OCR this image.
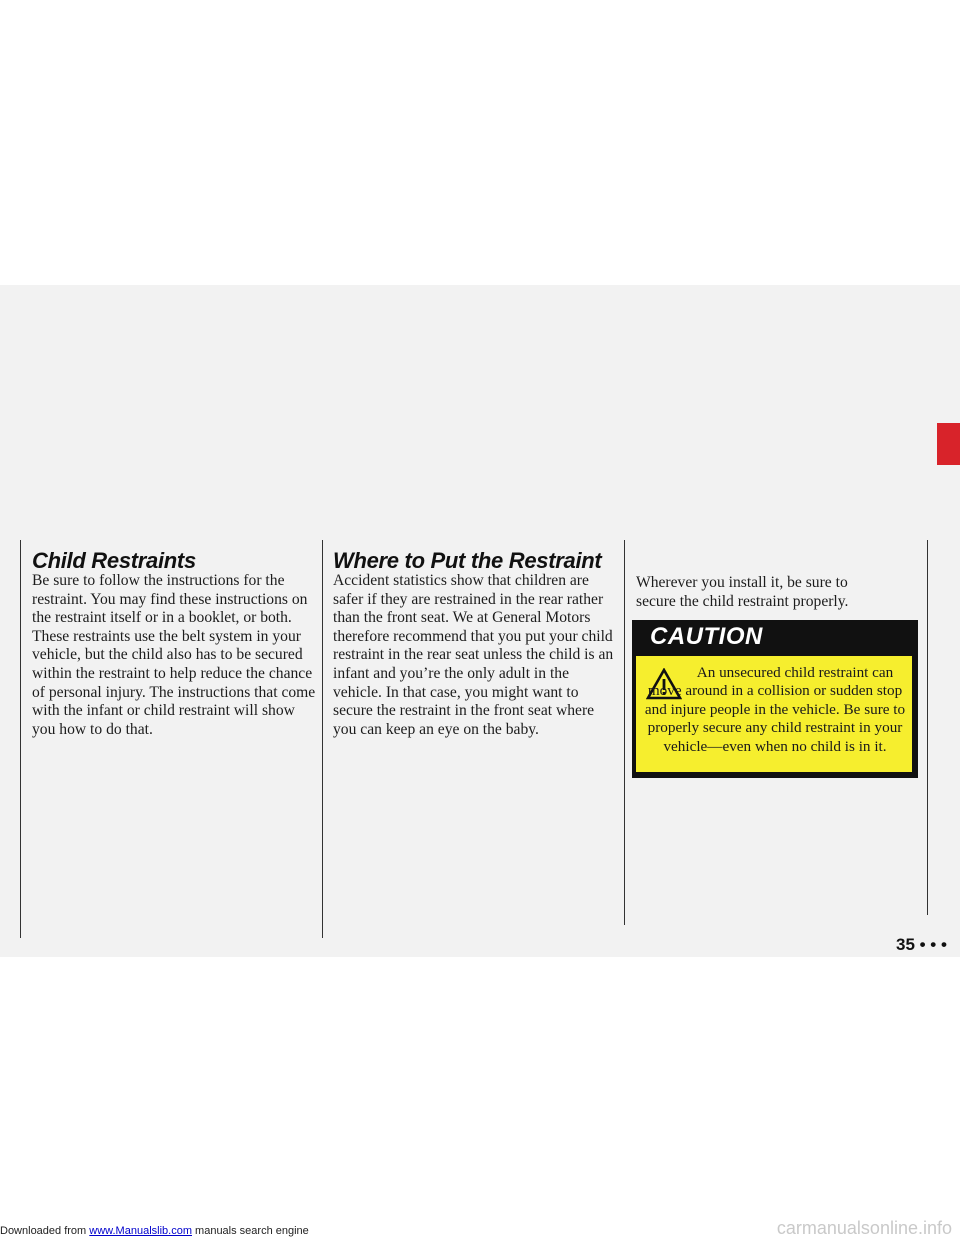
Child Restraints

Be sure to follow the instructions for the restraint. You may find these instructions on the restraint itself or in a booklet, or both. These restraints use the belt system in your vehicle, but the child also has to be secured within the restraint to help reduce the chance of personal injury. The instructions that come with the infant or child restraint will show you how to do that.

Where to Put the Restraint

Accident statistics show that children are safer if they are restrained in the rear rather than the front seat. We at General Motors therefore recommend that you put your child restraint in the rear seat unless the child is an infant and you’re the only adult in the vehicle. In that case, you might want to secure the restraint in the front seat where you can keep an eye on the baby.

Wherever you install it, be sure to secure the child restraint properly.

CAUTION

An unsecured child restraint can move around in a collision or sudden stop and injure people in the vehicle. Be sure to properly secure any child restraint in your vehicle—even when no child is in it.

35 • • •

Downloaded from www.Manualslib.com manuals search engine	carmanualsonline.info
